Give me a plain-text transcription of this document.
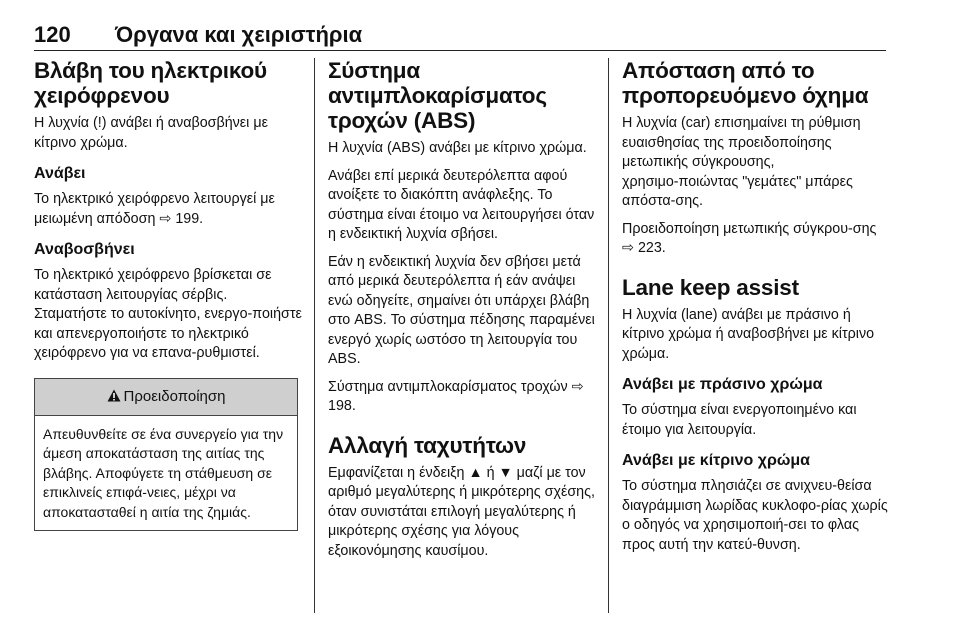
120 Όργανα και χειριστήρια
Βλάβη του ηλεκτρικού χειρόφρενου

Η λυχνία (!) ανάβει ή αναβοσβήνει με κίτρινο χρώμα.

Ανάβει

Το ηλεκτρικό χειρόφρενο λειτουργεί με μειωμένη απόδοση ⇨ 199.

Αναβοσβήνει

Το ηλεκτρικό χειρόφρενο βρίσκεται σε κατάσταση λειτουργίας σέρβις. Σταματήστε το αυτοκίνητο, ενεργο‑ποιήστε και απενεργοποιήστε το ηλεκτρικό χειρόφρενο για να επανα‑ρυθμιστεί.

Προειδοποίηση

Απευθυνθείτε σε ένα συνεργείο για την άμεση αποκατάσταση της αιτίας της βλάβης. Αποφύγετε τη στάθμευση σε επικλινείς επιφά‑νειες, μέχρι να αποκατασταθεί η αιτία της ζημιάς.

Σύστημα αντιμπλοκαρίσματος τροχών (ABS)

Η λυχνία (ABS) ανάβει με κίτρινο χρώμα.

Ανάβει επί μερικά δευτερόλεπτα αφού ανοίξετε το διακόπτη ανάφλεξης. Το σύστημα είναι έτοιμο να λειτουργήσει όταν η ενδεικτική λυχνία σβήσει.

Εάν η ενδεικτική λυχνία δεν σβήσει μετά από μερικά δευτερόλεπτα ή εάν ανάψει ενώ οδηγείτε, σημαίνει ότι υπάρχει βλάβη στο ABS. Το σύστημα πέδησης παραμένει ενεργό χωρίς ωστόσο τη λειτουργία του ABS.

Σύστημα αντιμπλοκαρίσματος τροχών ⇨ 198.

Αλλαγή ταχυτήτων

Εμφανίζεται η ένδειξη ▲ ή ▼ μαζί με τον αριθμό μεγαλύτερης ή μικρότερης σχέσης, όταν συνιστάται επιλογή μεγαλύτερης ή μικρότερης σχέσης για λόγους εξοικονόμησης καυσίμου.

Απόσταση από το προπορευόμενο όχημα

Η λυχνία (car) επισημαίνει τη ρύθμιση ευαισθησίας της προειδοποίησης μετωπικής σύγκρουσης, χρησιμο‑ποιώντας "γεμάτες" μπάρες απόστα‑σης.

Προειδοποίηση μετωπικής σύγκρου‑σης ⇨ 223.

Lane keep assist

Η λυχνία (lane) ανάβει με πράσινο ή κίτρινο χρώμα ή αναβοσβήνει με κίτρινο χρώμα.

Ανάβει με πράσινο χρώμα

Το σύστημα είναι ενεργοποιημένο και έτοιμο για λειτουργία.

Ανάβει με κίτρινο χρώμα

Το σύστημα πλησιάζει σε ανιχνευ‑θείσα διαγράμμιση λωρίδας κυκλοφο‑ρίας χωρίς ο οδηγός να χρησιμοποιή‑σει το φλας προς αυτή την κατεύ‑θυνση.
